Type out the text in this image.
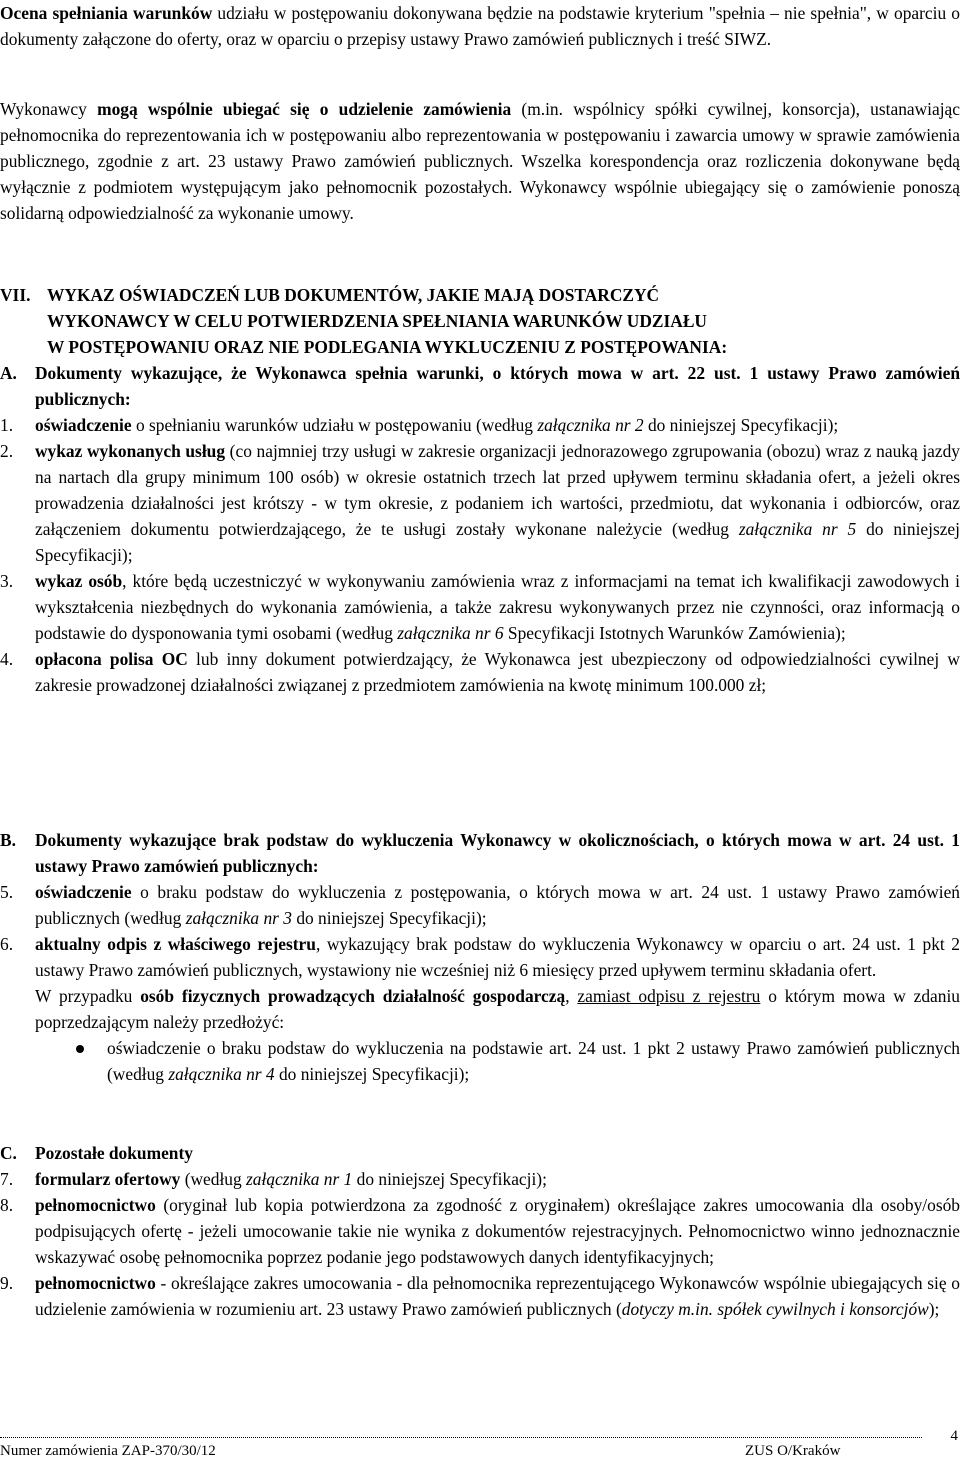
Ocena spełniania warunków udziału w postępowaniu dokonywana będzie na podstawie kryterium "spełnia – nie spełnia", w oparciu o dokumenty załączone do oferty, oraz w oparciu o przepisy ustawy Prawo zamówień publicznych i treść SIWZ.

Wykonawcy mogą wspólnie ubiegać się o udzielenie zamówienia (m.in. wspólnicy spółki cywilnej, konsorcja), ustanawiając pełnomocnika do reprezentowania ich w postępowaniu albo reprezentowania w postępowaniu i zawarcia umowy w sprawie zamówienia publicznego, zgodnie z art. 23 ustawy Prawo zamówień publicznych. Wszelka korespondencja oraz rozliczenia dokonywane będą wyłącznie z podmiotem występującym jako pełnomocnik pozostałych. Wykonawcy wspólnie ubiegający się o zamówienie ponoszą solidarną odpowiedzialność za wykonanie umowy.

VII. WYKAZ OŚWIADCZEŃ LUB DOKUMENTÓW, JAKIE MAJĄ DOSTARCZYĆ
WYKONAWCY W CELU POTWIERDZENIA SPEŁNIANIA WARUNKÓW UDZIAŁU
W POSTĘPOWANIU ORAZ NIE PODLEGANIA WYKLUCZENIU Z POSTĘPOWANIA:
A. Dokumenty wykazujące, że Wykonawca spełnia warunki, o których mowa w art. 22 ust. 1 ustawy Prawo zamówień publicznych:
1. oświadczenie o spełnianiu warunków udziału w postępowaniu (według załącznika nr 2 do niniejszej Specyfikacji);
2. wykaz wykonanych usług (co najmniej trzy usługi w zakresie organizacji jednorazowego zgrupowania (obozu) wraz z nauką jazdy na nartach dla grupy minimum 100 osób) w okresie ostatnich trzech lat przed upływem terminu składania ofert, a jeżeli okres prowadzenia działalności jest krótszy - w tym okresie, z podaniem ich wartości, przedmiotu, dat wykonania i odbiorców, oraz załączeniem dokumentu potwierdzającego, że te usługi zostały wykonane należycie (według załącznika nr 5 do niniejszej Specyfikacji);
3. wykaz osób, które będą uczestniczyć w wykonywaniu zamówienia wraz z informacjami na temat ich kwalifikacji zawodowych i wykształcenia niezbędnych do wykonania zamówienia, a także zakresu wykonywanych przez nie czynności, oraz informacją o podstawie do dysponowania tymi osobami (według załącznika nr 6 Specyfikacji Istotnych Warunków Zamówienia);
4. opłacona polisa OC lub inny dokument potwierdzający, że Wykonawca jest ubezpieczony od odpowiedzialności cywilnej w zakresie prowadzonej działalności związanej z przedmiotem zamówienia na kwotę minimum 100.000 zł;
B. Dokumenty wykazujące brak podstaw do wykluczenia Wykonawcy w okolicznościach, o których mowa w art. 24 ust. 1 ustawy Prawo zamówień publicznych:
5. oświadczenie o braku podstaw do wykluczenia z postępowania, o których mowa w art. 24 ust. 1 ustawy Prawo zamówień publicznych (według załącznika nr 3 do niniejszej Specyfikacji);
6. aktualny odpis z właściwego rejestru, wykazujący brak podstaw do wykluczenia Wykonawcy w oparciu o art. 24 ust. 1 pkt 2 ustawy Prawo zamówień publicznych, wystawiony nie wcześniej niż 6 miesięcy przed upływem terminu składania ofert.
W przypadku osób fizycznych prowadzących działalność gospodarczą, zamiast odpisu z rejestru o którym mowa w zdaniu poprzedzającym należy przedłożyć:
oświadczenie o braku podstaw do wykluczenia na podstawie art. 24 ust. 1 pkt 2 ustawy Prawo zamówień publicznych (według załącznika nr 4 do niniejszej Specyfikacji);
C. Pozostałe dokumenty
7. formularz ofertowy (według załącznika nr 1 do niniejszej Specyfikacji);
8. pełnomocnictwo (oryginał lub kopia potwierdzona za zgodność z oryginałem) określające zakres umocowania dla osoby/osób podpisujących ofertę - jeżeli umocowanie takie nie wynika z dokumentów rejestracyjnych. Pełnomocnictwo winno jednoznacznie wskazywać osobę pełnomocnika poprzez podanie jego podstawowych danych identyfikacyjnych;
9. pełnomocnictwo - określające zakres umocowania - dla pełnomocnika reprezentującego Wykonawców wspólnie ubiegających się o udzielenie zamówienia w rozumieniu art. 23 ustawy Prawo zamówień publicznych (dotyczy m.in. spółek cywilnych i konsorcjów);
4
Numer zamówienia ZAP-370/30/12	ZUS O/Kraków
